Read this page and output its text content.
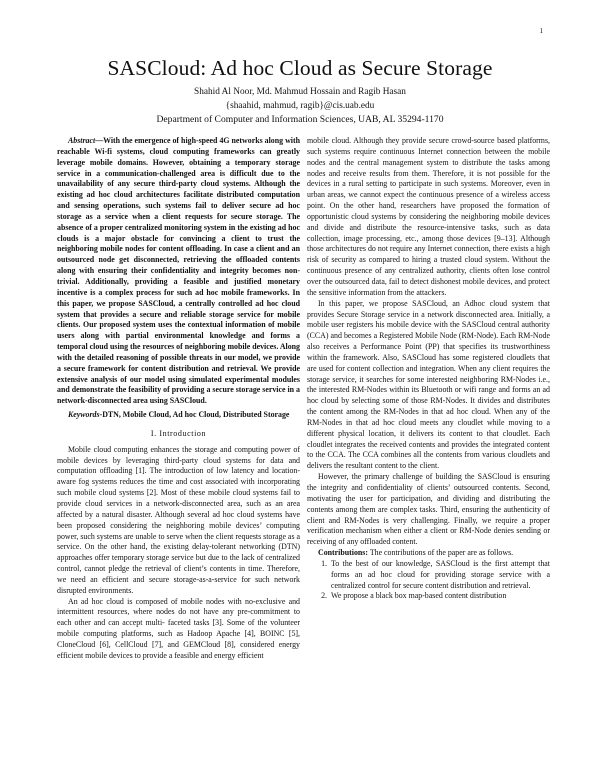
1
SASCloud: Ad hoc Cloud as Secure Storage
Shahid Al Noor, Md. Mahmud Hossain and Ragib Hasan
{shaahid, mahmud, ragib}@cis.uab.edu
Department of Computer and Information Sciences, UAB, AL 35294-1170

Abstract—With the emergence of high-speed 4G networks along with reachable Wi-fi systems, cloud computing frameworks can greatly leverage mobile domains. However, obtaining a temporary storage service in a communication-challenged area is difficult due to the unavailability of any secure third-party cloud systems. Although the existing ad hoc cloud architectures facilitate distributed computation and sensing operations, such systems fail to deliver secure ad hoc storage as a service when a client requests for secure storage. The absence of a proper centralized monitoring system in the existing ad hoc clouds is a major obstacle for convincing a client to trust the neighboring mobile nodes for content offloading. In case a client and an outsourced node get disconnected, retrieving the offloaded contents along with ensuring their confidentiality and integrity becomes non-trivial. Additionally, providing a feasible and justified monetary incentive is a complex process for such ad hoc mobile frameworks. In this paper, we propose SASCloud, a centrally controlled ad hoc cloud system that provides a secure and reliable storage service for mobile clients. Our proposed system uses the contextual information of mobile users along with partial environmental knowledge and forms a temporal cloud using the resources of neighboring mobile devices. Along with the detailed reasoning of possible threats in our model, we provide a secure framework for content distribution and retrieval. We provide extensive analysis of our model using simulated experimental modules and demonstrate the feasibility of providing a secure storage service in a network-disconnected area using SASCloud.

Keywords-DTN, Mobile Cloud, Ad hoc Cloud, Distributed Storage

I. Introduction

Mobile cloud computing enhances the storage and computing power of mobile devices by leveraging third-party cloud systems for data and computation offloading [1]. The introduction of low latency and location-aware fog systems reduces the time and cost associated with incorporating such mobile cloud systems [2]. Most of these mobile cloud systems fail to provide cloud services in a network-disconnected area, such as an area affected by a natural disaster. Although several ad hoc cloud systems have been proposed considering the neighboring mobile devices’ computing power, such systems are unable to serve when the client requests storage as a service. On the other hand, the existing delay-tolerant networking (DTN) approaches offer temporary storage service but due to the lack of centralized control, cannot pledge the retrieval of client’s contents in time. Therefore, we need an efficient and secure storage-as-a-service for such network disrupted environments.

An ad hoc cloud is composed of mobile nodes with no-exclusive and intermittent resources, where nodes do not have any pre-commitment to each other and can accept multi- faceted tasks [3]. Some of the volunteer mobile computing platforms, such as Hadoop Apache [4], BOINC [5], CloneCloud [6], CellCloud [7], and GEMCloud [8], considered energy efficient mobile devices to provide a feasible and energy efficient

mobile cloud. Although they provide secure crowd-source based platforms, such systems require continuous Internet connection between the mobile nodes and the central management system to distribute the tasks among nodes and receive results from them. Therefore, it is not possible for the devices in a rural setting to participate in such systems. Moreover, even in urban areas, we cannot expect the continuous presence of a wireless access point. On the other hand, researchers have proposed the formation of opportunistic cloud systems by considering the neighboring mobile devices and divide and distribute the resource-intensive tasks, such as data collection, image processing, etc., among those devices [9–13]. Although those architectures do not require any Internet connection, there exists a high risk of security as compared to hiring a trusted cloud system. Without the continuous presence of any centralized authority, clients often lose control over the outsourced data, fail to detect dishonest mobile devices, and protect the sensitive information from the attackers.

In this paper, we propose SASCloud, an Adhoc cloud system that provides Secure Storage service in a network disconnected area. Initially, a mobile user registers his mobile device with the SASCloud central authority (CCA) and becomes a Registered Mobile Node (RM-Node). Each RM-Node also receives a Performance Point (PP) that specifies its trustworthiness within the framework. Also, SASCloud has some registered cloudlets that are used for content collection and integration. When any client requires the storage service, it searches for some interested neighboring RM-Nodes i.e., the interested RM-Nodes within its Bluetooth or wifi range and forms an ad hoc cloud by selecting some of those RM-Nodes. It divides and distributes the content among the RM-Nodes in that ad hoc cloud. When any of the RM-Nodes in that ad hoc cloud meets any cloudlet while moving to a different physical location, it delivers its content to that cloudlet. Each cloudlet integrates the received contents and provides the integrated content to the CCA. The CCA combines all the contents from various cloudlets and delivers the resultant content to the client.

However, the primary challenge of building the SASCloud is ensuring the integrity and confidentiality of clients’ outsourced contents. Second, motivating the user for participation, and dividing and distributing the contents among them are complex tasks. Third, ensuring the authenticity of client and RM-Nodes is very challenging. Finally, we require a proper verification mechanism when either a client or RM-Node denies sending or receiving of any offloaded content.

Contributions: The contributions of the paper are as follows.

1. To the best of our knowledge, SASCloud is the first attempt that forms an ad hoc cloud for providing storage service with a centralized control for secure content distribution and retrieval.
2. We propose a black box map-based content distribution
